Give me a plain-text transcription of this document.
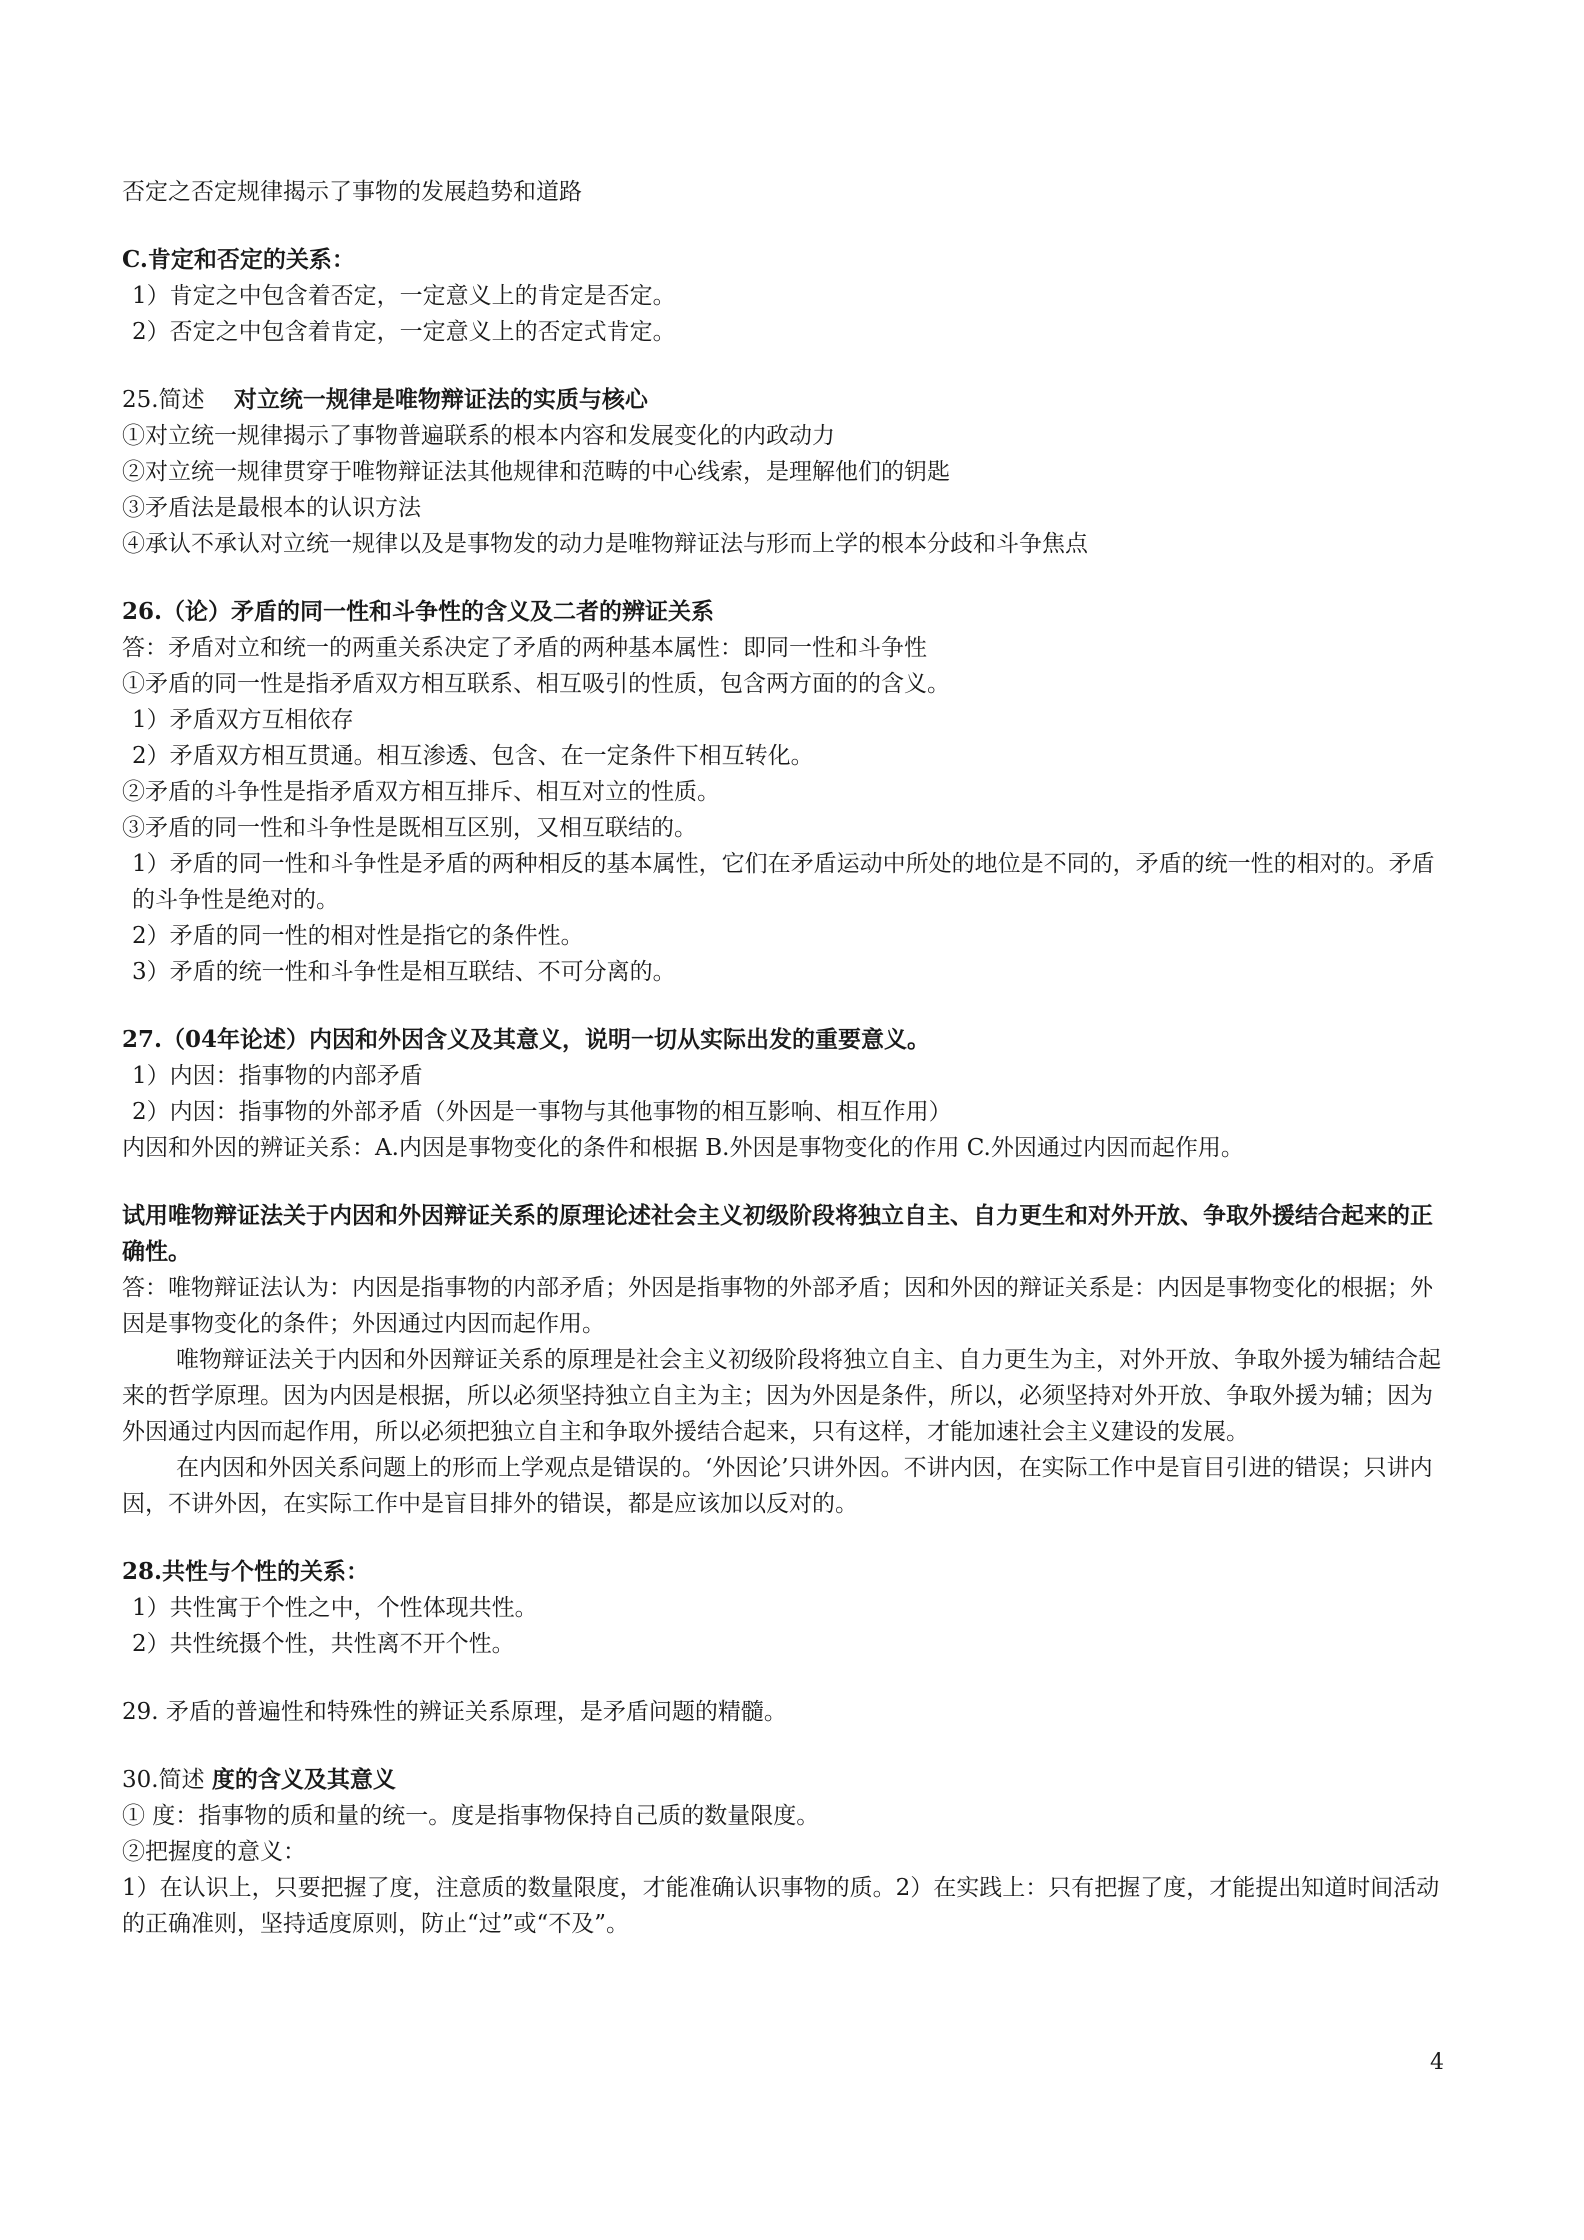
否定之否定规律揭示了事物的发展趋势和道路
C.肯定和否定的关系：
1）肯定之中包含着否定，一定意义上的肯定是否定。
2）否定之中包含着肯定，一定意义上的否定式肯定。
25.简述 对立统一规律是唯物辩证法的实质与核心
①对立统一规律揭示了事物普遍联系的根本内容和发展变化的内政动力
②对立统一规律贯穿于唯物辩证法其他规律和范畴的中心线索，是理解他们的钥匙
③矛盾法是最根本的认识方法
④承认不承认对立统一规律以及是事物发的动力是唯物辩证法与形而上学的根本分歧和斗争焦点
26.（论）矛盾的同一性和斗争性的含义及二者的辨证关系
答：矛盾对立和统一的两重关系决定了矛盾的两种基本属性：即同一性和斗争性
①矛盾的同一性是指矛盾双方相互联系、相互吸引的性质，包含两方面的的含义。
1）矛盾双方互相依存
2）矛盾双方相互贯通。相互渗透、包含、在一定条件下相互转化。
②矛盾的斗争性是指矛盾双方相互排斥、相互对立的性质。
③矛盾的同一性和斗争性是既相互区别，又相互联结的。
1）矛盾的同一性和斗争性是矛盾的两种相反的基本属性，它们在矛盾运动中所处的地位是不同的，矛盾的统一性的相对的。矛盾的斗争性是绝对的。
2）矛盾的同一性的相对性是指它的条件性。
3）矛盾的统一性和斗争性是相互联结、不可分离的。
27.（04年论述）内因和外因含义及其意义，说明一切从实际出发的重要意义。
1）内因：指事物的内部矛盾
2）内因：指事物的外部矛盾（外因是一事物与其他事物的相互影响、相互作用）
内因和外因的辨证关系：A.内因是事物变化的条件和根据 B.外因是事物变化的作用 C.外因通过内因而起作用。
试用唯物辩证法关于内因和外因辩证关系的原理论述社会主义初级阶段将独立自主、自力更生和对外开放、争取外援结合起来的正确性。
答：唯物辩证法认为：内因是指事物的内部矛盾；外因是指事物的外部矛盾；因和外因的辩证关系是：内因是事物变化的根据；外因是事物变化的条件；外因通过内因而起作用。
唯物辩证法关于内因和外因辩证关系的原理是社会主义初级阶段将独立自主、自力更生为主，对外开放、争取外援为辅结合起来的哲学原理。因为内因是根据，所以必须坚持独立自主为主；因为外因是条件，所以，必须坚持对外开放、争取外援为辅；因为外因通过内因而起作用，所以必须把独立自主和争取外援结合起来，只有这样，才能加速社会主义建设的发展。
在内因和外因关系问题上的形而上学观点是错误的。‘外因论’只讲外因。不讲内因，在实际工作中是盲目引进的错误；只讲内因，不讲外因，在实际工作中是盲目排外的错误，都是应该加以反对的。
28.共性与个性的关系：
1）共性寓于个性之中，个性体现共性。
2）共性统摄个性，共性离不开个性。
29. 矛盾的普遍性和特殊性的辨证关系原理，是矛盾问题的精髓。
30.简述 度的含义及其意义
① 度：指事物的质和量的统一。度是指事物保持自己质的数量限度。
②把握度的意义：
1）在认识上，只要把握了度，注意质的数量限度，才能准确认识事物的质。2）在实践上：只有把握了度，才能提出知道时间活动的正确准则，坚持适度原则，防止“过”或“不及”。
4
